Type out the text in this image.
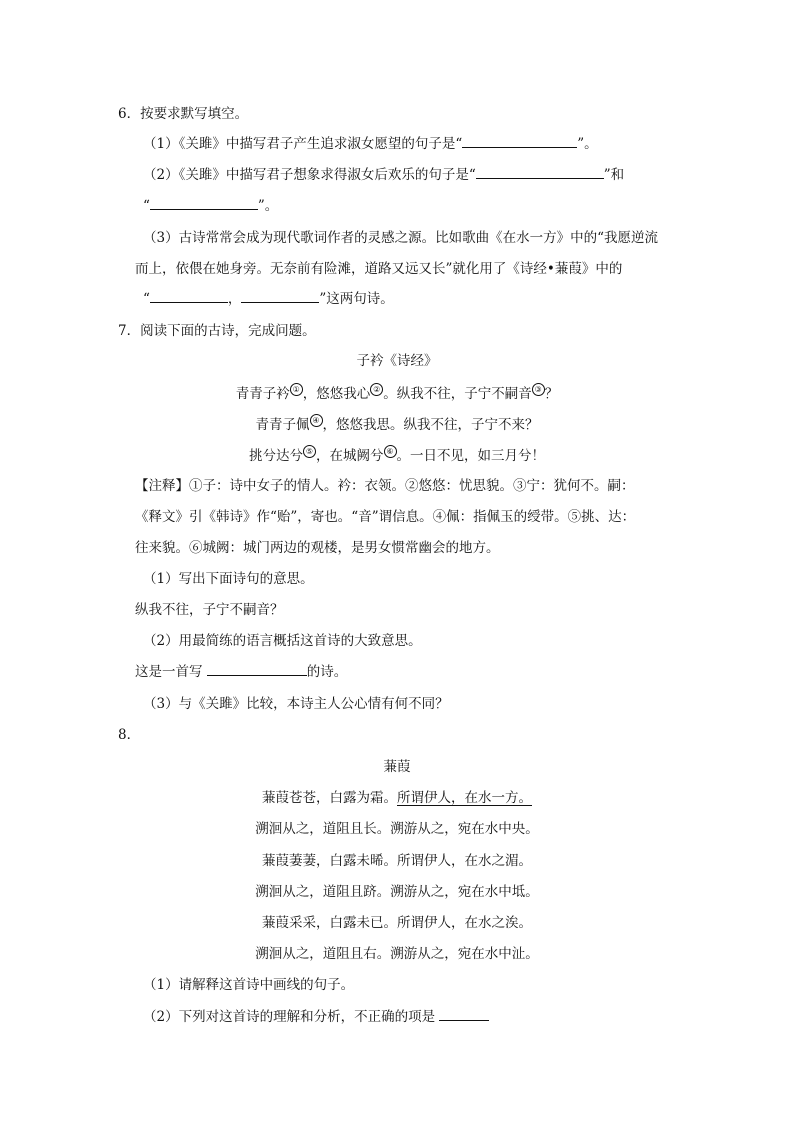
6．按要求默写填空。
（1）《关雎》中描写君子产生追求淑女愿望的句子是“	”。
（2）《关雎》中描写君子想象求得淑女后欢乐的句子是“	”和
“	”。
（3）古诗常常会成为现代歌词作者的灵感之源。比如歌曲《在水一方》中的“我愿逆流
而上，依偎在她身旁。无奈前有险滩，道路又远又长”就化用了《诗经•蒹葭》中的
“	，	”这两句诗。
7．阅读下面的古诗，完成问题。
子衿《诗经》
青青子衿 ① ，悠悠我心 ② 。纵我不往，子宁不嗣音 ③ ？
青青子佩 ④ ，悠悠我思。纵我不往，子宁不来？
挑兮达兮 ⑤ ，在城阙兮 ⑥ 。一日不见，如三月兮！
【注释】①子：诗中女子的情人。衿：衣领。②悠悠：忧思貌。③宁：犹何不。嗣：
《释文》引《韩诗》作“贻”，寄也。“音”谓信息。④佩：指佩玉的绶带。⑤挑、达：
往来貌。⑥城阙：城门两边的观楼，是男女惯常幽会的地方。
（1）写出下面诗句的意思。
纵我不往，子宁不嗣音？
（2）用最简练的语言概括这首诗的大致意思。
这是一首写	的诗。
（3）与《关雎》比较，本诗主人公心情有何不同？
8．
蒹葭
蒹葭苍苍，白露为霜。所谓伊人，在水一方。
溯洄从之，道阻且长。溯游从之，宛在水中央。
蒹葭萋萋，白露未晞。所谓伊人，在水之湄。
溯洄从之，道阻且跻。溯游从之，宛在水中坻。
蒹葭采采，白露未已。所谓伊人，在水之涘。
溯洄从之，道阻且右。溯游从之，宛在水中沚。
（1）请解释这首诗中画线的句子。
（2）下列对这首诗的理解和分析，不正确的项是
